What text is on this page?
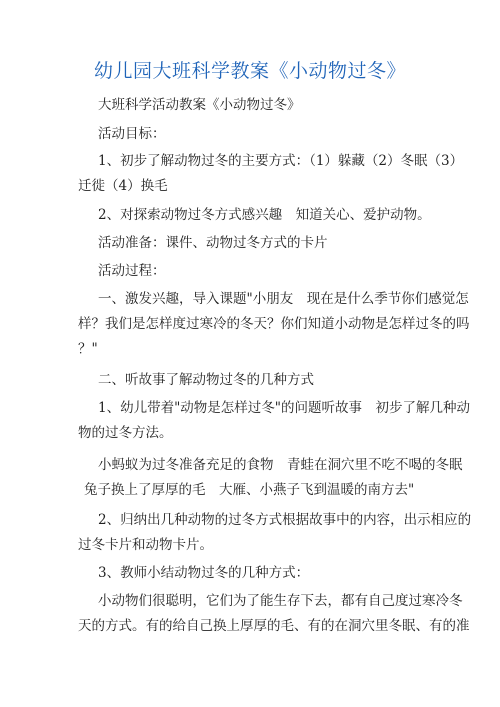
幼儿园大班科学教案《小动物过冬》
大班科学活动教案《小动物过冬》
活动目标：
1、初步了解动物过冬的主要方式：（1）躲藏（2）冬眠（3）
迁徙（4）换毛
2、对探索动物过冬方式感兴趣　知道关心、爱护动物。
活动准备：课件、动物过冬方式的卡片
活动过程：
一、激发兴趣，导入课题"小朋友　现在是什么季节你们感觉怎
样？我们是怎样度过寒冷的冬天？你们知道小动物是怎样过冬的吗
？"
二、听故事了解动物过冬的几种方式
1、幼儿带着"动物是怎样过冬"的问题听故事　初步了解几种动
物的过冬方法。
小蚂蚁为过冬准备充足的食物　青蛙在洞穴里不吃不喝的冬眠
兔子换上了厚厚的毛　大雁、小燕子飞到温暖的南方去"
2、归纳出几种动物的过冬方式根据故事中的内容，出示相应的
过冬卡片和动物卡片。
3、教师小结动物过冬的几种方式：
小动物们很聪明，它们为了能生存下去，都有自己度过寒冷冬
天的方式。有的给自己换上厚厚的毛、有的在洞穴里冬眠、有的准
